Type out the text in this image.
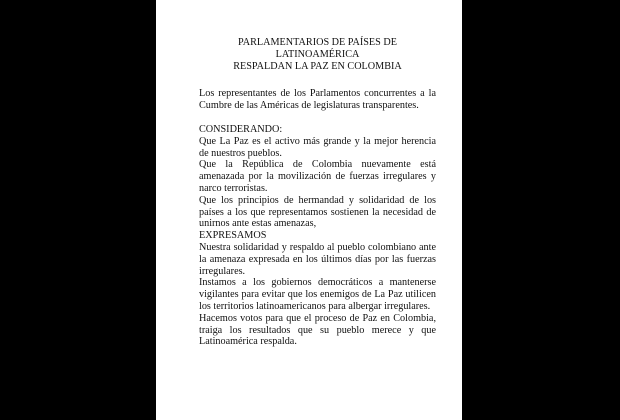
PARLAMENTARIOS DE PAÍSES DE LATINOAMÉRICA
RESPALDAN LA PAZ EN COLOMBIA

Los representantes de los Parlamentos concurrentes a la Cumbre de las Américas de legislaturas transparentes.

CONSIDERANDO:

Que La Paz es el activo más grande y la mejor herencia de nuestros pueblos.

Que la República de Colombia nuevamente está amenazada por la movilización de fuerzas irregulares y narco terroristas.

Que los principios de hermandad y solidaridad de los países a los que representamos sostienen la necesidad de unirnos ante estas amenazas,

EXPRESAMOS

Nuestra solidaridad y respaldo al pueblo colombiano ante la amenaza expresada en los últimos días por las fuerzas irregulares.

Instamos a los gobiernos democráticos a mantenerse vigilantes para evitar que los enemigos de La Paz utilicen los territorios latinoamericanos para albergar irregulares.

Hacemos votos para que el proceso de Paz en Colombia, traiga los resultados que su pueblo merece y que Latinoamérica respalda.
